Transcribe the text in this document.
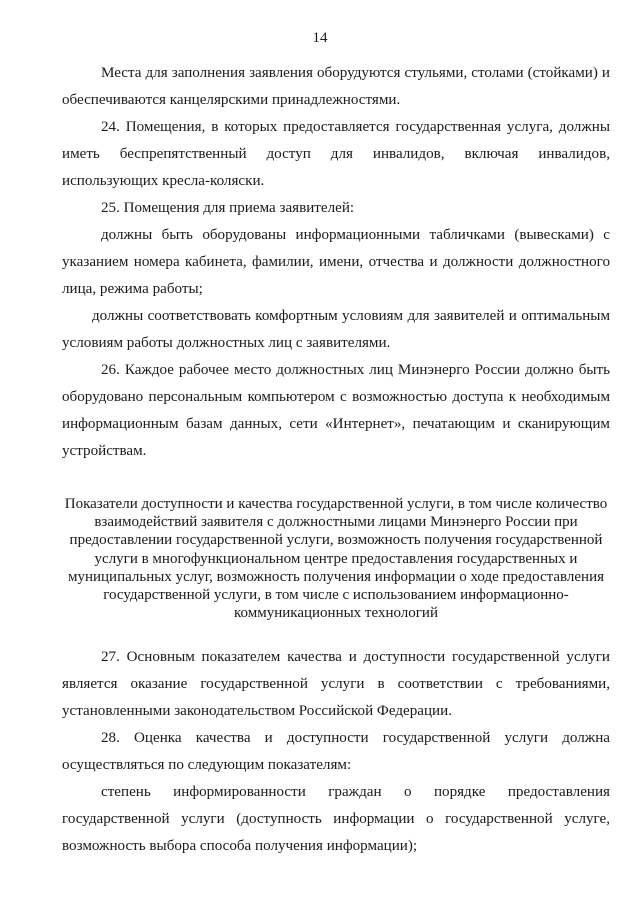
14

Места для заполнения заявления оборудуются стульями, столами (стойками) и обеспечиваются канцелярскими принадлежностями.

24. Помещения, в которых предоставляется государственная услуга, должны иметь беспрепятственный доступ для инвалидов, включая инвалидов, использующих кресла-коляски.

25. Помещения для приема заявителей:

должны быть оборудованы информационными табличками (вывесками) с указанием номера кабинета, фамилии, имени, отчества и должности должностного лица, режима работы;

должны соответствовать комфортным условиям для заявителей и оптимальным условиям работы должностных лиц с заявителями.

26. Каждое рабочее место должностных лиц Минэнерго России должно быть оборудовано персональным компьютером с возможностью доступа к необходимым информационным базам данных, сети «Интернет», печатающим и сканирующим устройствам.

Показатели доступности и качества государственной услуги, в том числе количество
взаимодействий заявителя с должностными лицами Минэнерго России при
предоставлении государственной услуги, возможность получения государственной
услуги в многофункциональном центре предоставления государственных и
муниципальных услуг, возможность получения информации о ходе предоставления
государственной услуги, в том числе с использованием информационно-
коммуникационных технологий

27. Основным показателем качества и доступности государственной услуги является оказание государственной услуги в соответствии с требованиями, установленными законодательством Российской Федерации.

28. Оценка качества и доступности государственной услуги должна осуществляться по следующим показателям:

степень информированности граждан о порядке предоставления государственной услуги (доступность информации о государственной услуге, возможность выбора способа получения информации);
